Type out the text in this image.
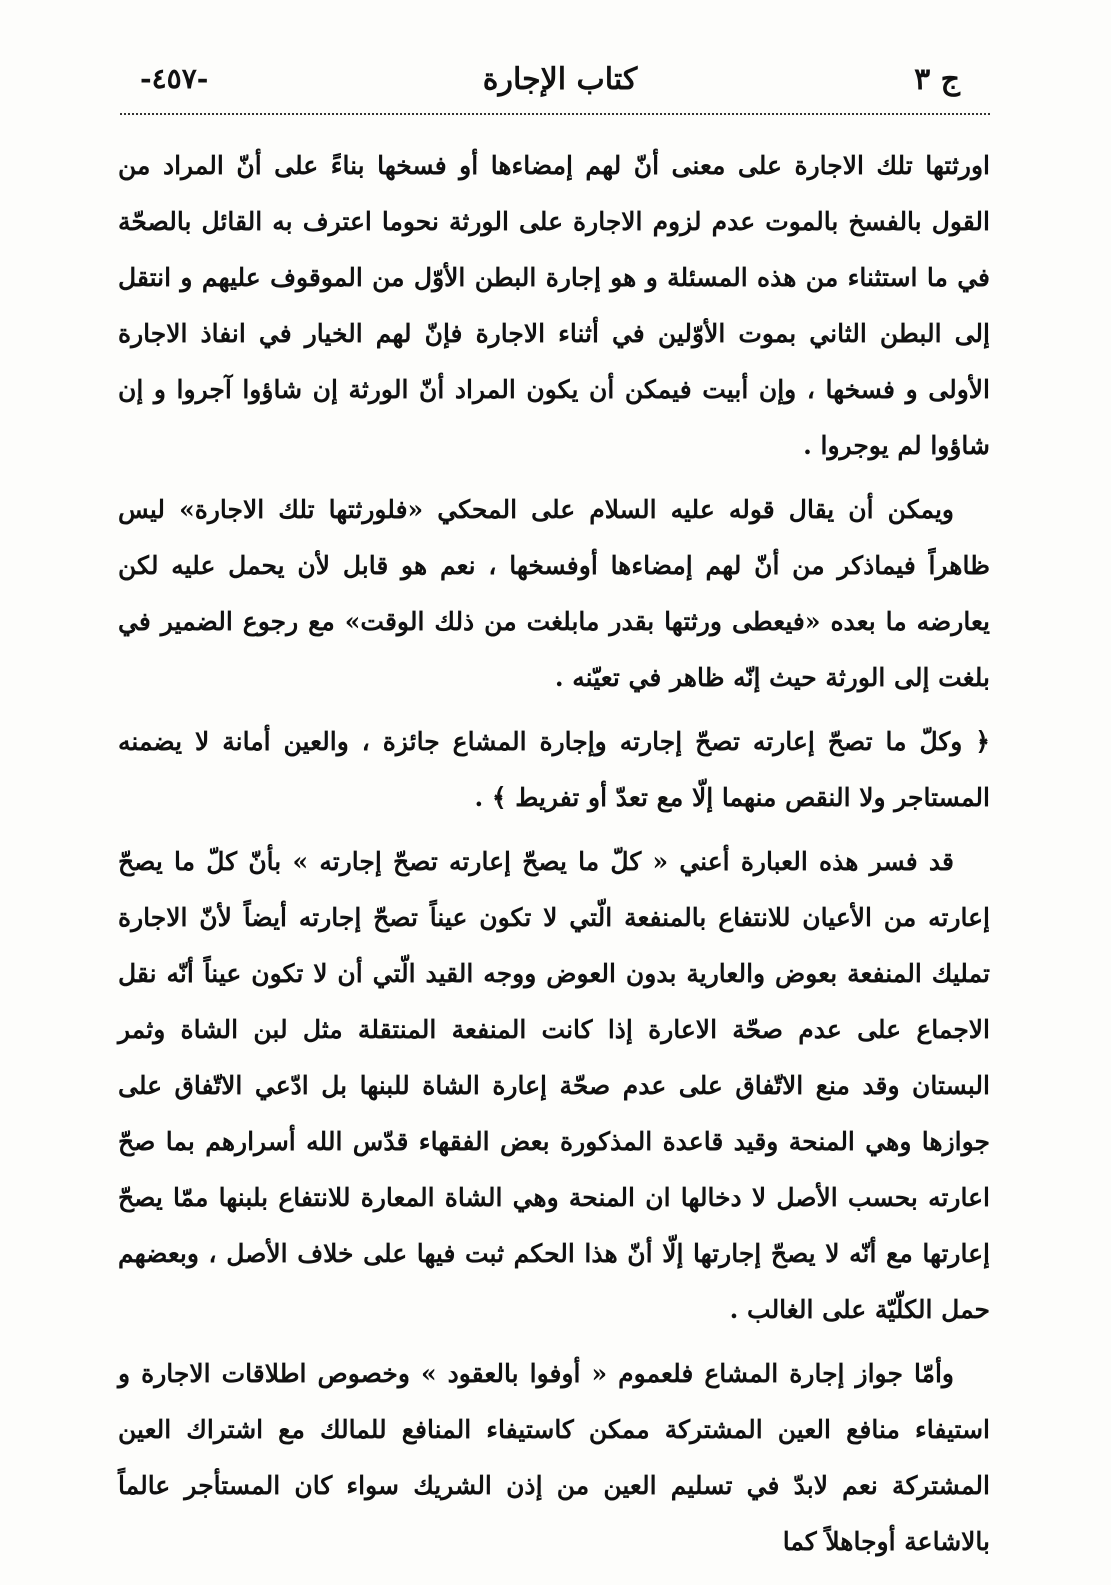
ج ٣
كتاب الإجارة
-٤٥٧-

اورثتها تلك الاجارة على معنى أنّ لهم إمضاءها أو فسخها بناءً على أنّ المراد من القول بالفسخ بالموت عدم لزوم الاجارة على الورثة نحوما اعترف به القائل بالصحّة في ما استثناء من هذه المسئلة و هو إجارة البطن الأوّل من الموقوف عليهم و انتقل إلى البطن الثاني بموت الأوّلين في أثناء الاجارة فإنّ لهم الخيار في انفاذ الاجارة الأولى و فسخها ، وإن أبيت فيمكن أن يكون المراد أنّ الورثة إن شاؤوا آجروا و إن شاؤوا لم يوجروا .

ويمكن أن يقال قوله عليه السلام على المحكي «فلورثتها تلك الاجارة» ليس ظاهراً فيماذكر من أنّ لهم إمضاءها أوفسخها ، نعم هو قابل لأن يحمل عليه لكن يعارضه ما بعده «فيعطى ورثتها بقدر مابلغت من ذلك الوقت» مع رجوع الضمير في بلغت إلى الورثة حيث إنّه ظاهر في تعيّنه .

﴿ وكلّ ما تصحّ إعارته تصحّ إجارته وإجارة المشاع جائزة ، والعين أمانة لا يضمنه المستاجر ولا النقص منهما إلّا مع تعدّ أو تفريط ﴾ .

قد فسر هذه العبارة أعني « كلّ ما يصحّ إعارته تصحّ إجارته » بأنّ كلّ ما يصحّ إعارته من الأعيان للانتفاع بالمنفعة الّتي لا تكون عيناً تصحّ إجارته أيضاً لأنّ الاجارة تمليك المنفعة بعوض والعارية بدون العوض ووجه القيد الّتي أن لا تكون عيناً أنّه نقل الاجماع على عدم صحّة الاعارة إذا كانت المنفعة المنتقلة مثل لبن الشاة وثمر البستان وقد منع الاتّفاق على عدم صحّة إعارة الشاة للبنها بل ادّعي الاتّفاق على جوازها وهي المنحة وقيد قاعدة المذكورة بعض الفقهاء قدّس الله أسرارهم بما صحّ اعارته بحسب الأصل لا دخالها ان المنحة وهي الشاة المعارة للانتفاع بلبنها ممّا يصحّ إعارتها مع أنّه لا يصحّ إجارتها إلّا أنّ هذا الحكم ثبت فيها على خلاف الأصل ، وبعضهم حمل الكلّيّة على الغالب .

وأمّا جواز إجارة المشاع فلعموم « أوفوا بالعقود » وخصوص اطلاقات الاجارة و استيفاء منافع العين المشتركة ممكن كاستيفاء المنافع للمالك مع اشتراك العين المشتركة نعم لابدّ في تسليم العين من إذن الشريك سواء كان المستأجر عالماً بالاشاعة أوجاهلاً كما
